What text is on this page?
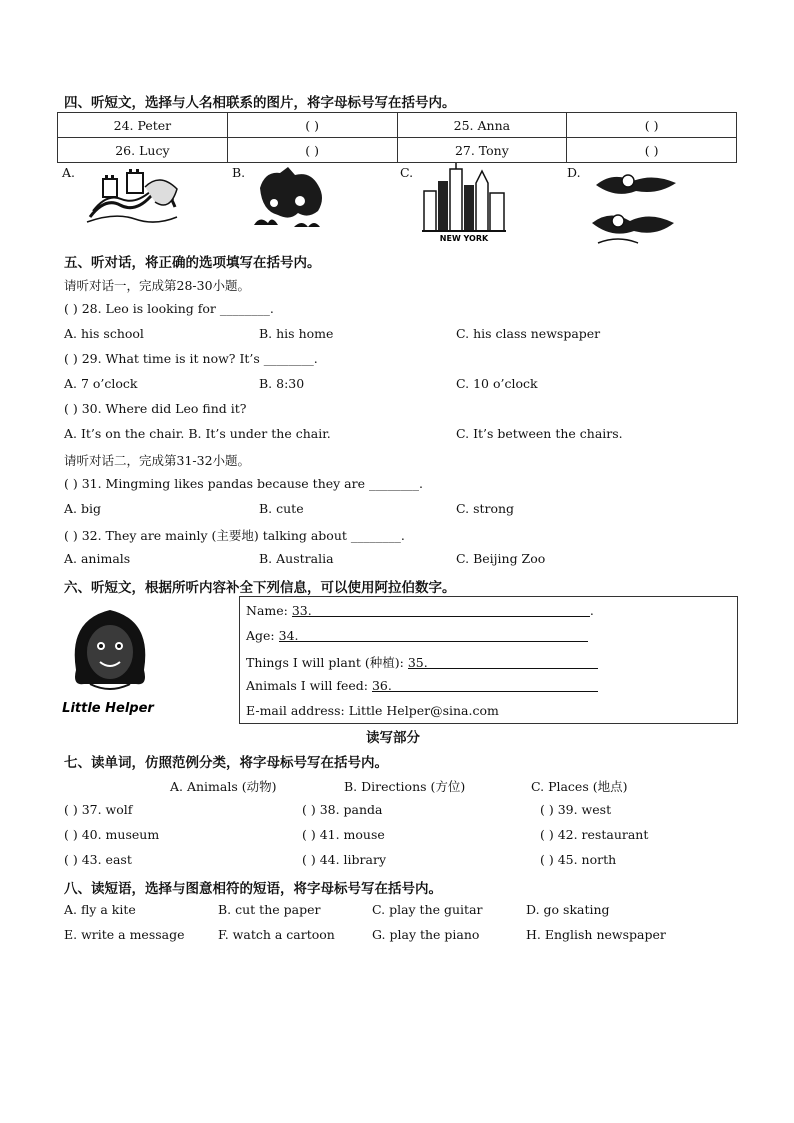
四、听短文，选择与人名相联系的图片，将字母标号写在括号内。
24. Peter	( )	25. Anna	( )
26. Lucy	( )	27. Tony	( )
A.	B.	C.
NEW YORK
D.
五、听对话，将正确的选项填写在括号内。
请听对话一，完成第28-30小题。
( ) 28. Leo is looking for ________.
A. his school	B. his home	C. his class newspaper
( ) 29. What time is it now? It’s ________.
A. 7 o’clock	B. 8:30	C. 10 o’clock
( ) 30. Where did Leo find it?
A. It’s on the chair. B. It’s under the chair.	C. It’s between the chairs.
请听对话二，完成第31-32小题。
( ) 31. Mingming likes pandas because they are ________.
A. big	B. cute	C. strong
( ) 32. They are mainly (主要地) talking about ________.
A. animals	B. Australia	C. Beijing Zoo
六、听短文，根据所听内容补全下列信息，可以使用阿拉伯数字。
Little Helper
Name: 33.	.
Age: 34.
Things I will plant (种植): 35.
Animals I will feed: 36.
E-mail address: Little Helper@sina.com
读写部分
七、读单词，仿照范例分类，将字母标号写在括号内。
A. Animals (动物)	B. Directions (方位)	C. Places (地点)
( ) 37. wolf	( ) 38. panda	( ) 39. west
( ) 40. museum	( ) 41. mouse	( ) 42. restaurant
( ) 43. east	( ) 44. library	( ) 45. north
八、读短语，选择与图意相符的短语，将字母标号写在括号内。
A. fly a kite	B. cut the paper	C. play the guitar	D. go skating
E. write a message	F. watch a cartoon	G. play the piano	H. English newspaper
